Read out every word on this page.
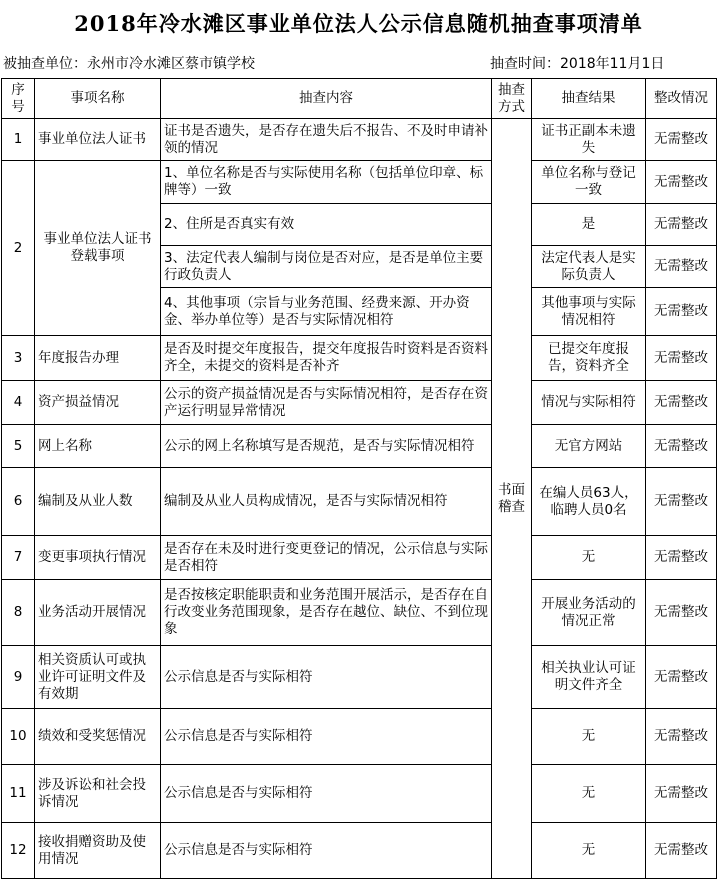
2018年冷水滩区事业单位法人公示信息随机抽查事项清单
被抽查单位：永州市冷水滩区蔡市镇学校	抽查时间：2018年11月1日
序号	事项名称	抽查内容	抽查方式	抽查结果	整改情况
1	事业单位法人证书	证书是否遗失，是否存在遗失后不报告、不及时申请补领的情况	书面稽查	证书正副本未遗失	无需整改
2	事业单位法人证书登载事项	1、单位名称是否与实际使用名称（包括单位印章、标牌等）一致		单位名称与登记一致	无需整改
		2、住所是否真实有效		是	无需整改
		3、法定代表人编制与岗位是否对应，是否是单位主要行政负责人		法定代表人是实际负责人	无需整改
		4、其他事项（宗旨与业务范围、经费来源、开办资金、举办单位等）是否与实际情况相符		其他事项与实际情况相符	无需整改
3	年度报告办理	是否及时提交年度报告，提交年度报告时资料是否资料齐全，未提交的资料是否补齐		已提交年度报告，资料齐全	无需整改
4	资产损益情况	公示的资产损益情况是否与实际情况相符，是否存在资产运行明显异常情况		情况与实际相符	无需整改
5	网上名称	公示的网上名称填写是否规范，是否与实际情况相符		无官方网站	无需整改
6	编制及从业人数	编制及从业人员构成情况，是否与实际情况相符		在编人员63人，临聘人员0名	无需整改
7	变更事项执行情况	是否存在未及时进行变更登记的情况，公示信息与实际是否相符		无	无需整改
8	业务活动开展情况	是否按核定职能职责和业务范围开展活示，是否存在自行改变业务范围现象，是否存在越位、缺位、不到位现象		开展业务活动的情况正常	无需整改
9	相关资质认可或执业许可证明文件及有效期	公示信息是否与实际相符		相关执业认可证明文件齐全	无需整改
10	绩效和受奖惩情况	公示信息是否与实际相符		无	无需整改
11	涉及诉讼和社会投诉情况	公示信息是否与实际相符		无	无需整改
12	接收捐赠资助及使用情况	公示信息是否与实际相符		无	无需整改
